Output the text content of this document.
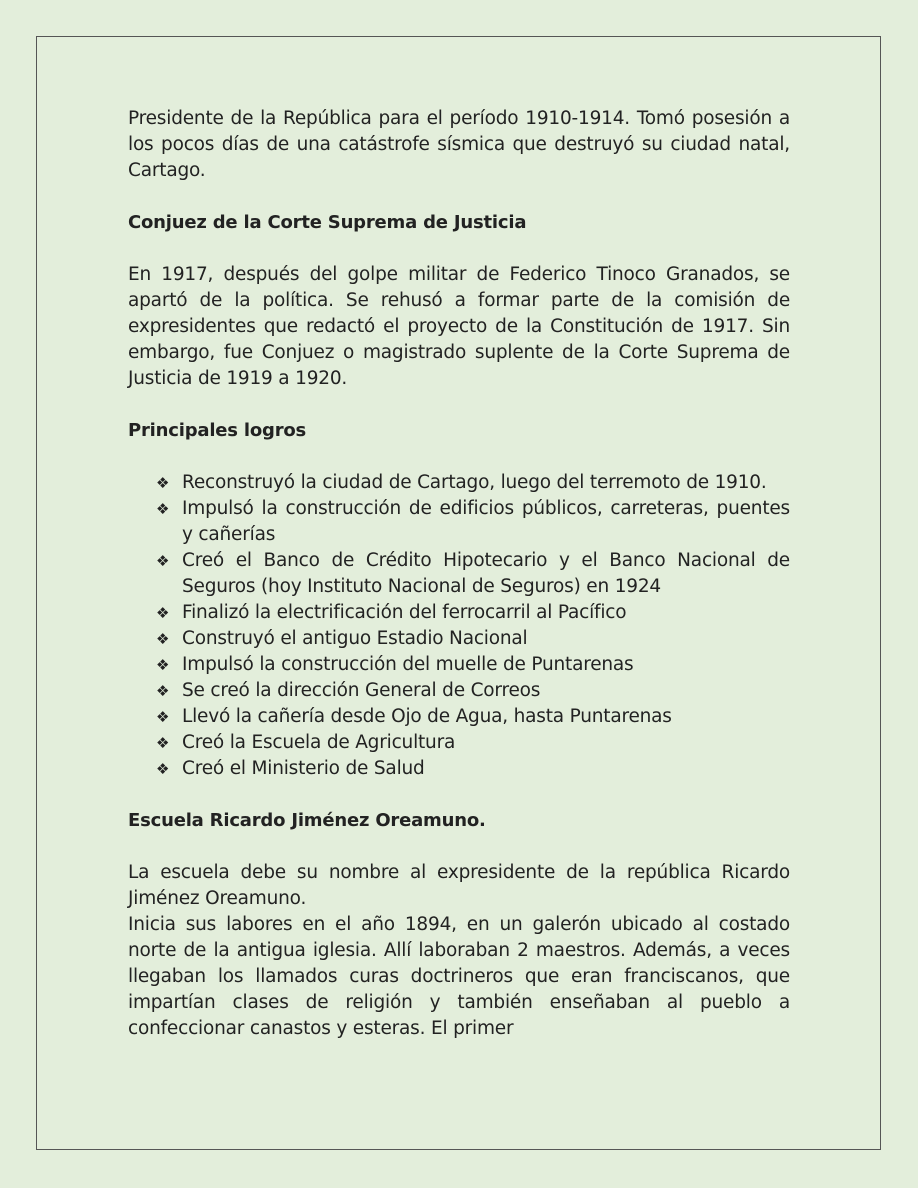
Presidente de la República para el período 1910-1914. Tomó posesión a los pocos días de una catástrofe sísmica que destruyó su ciudad natal, Cartago.

Conjuez de la Corte Suprema de Justicia

En 1917, después del golpe militar de Federico Tinoco Granados, se apartó de la política. Se rehusó a formar parte de la comisión de expresidentes que redactó el proyecto de la Constitución de 1917. Sin embargo, fue Conjuez o magistrado suplente de la Corte Suprema de Justicia de 1919 a 1920.

Principales logros
❖ Reconstruyó la ciudad de Cartago, luego del terremoto de 1910.
❖ Impulsó la construcción de edificios públicos, carreteras, puentes y cañerías
❖ Creó el Banco de Crédito Hipotecario y el Banco Nacional de Seguros (hoy Instituto Nacional de Seguros) en 1924
❖ Finalizó la electrificación del ferrocarril al Pacífico
❖ Construyó el antiguo Estadio Nacional
❖ Impulsó la construcción del muelle de Puntarenas
❖ Se creó la dirección General de Correos
❖ Llevó la cañería desde Ojo de Agua, hasta Puntarenas
❖ Creó la Escuela de Agricultura
❖ Creó el Ministerio de Salud
Escuela Ricardo Jiménez Oreamuno.

La escuela debe su nombre al expresidente de la república Ricardo Jiménez Oreamuno.

Inicia sus labores en el año 1894, en un galerón ubicado al costado norte de la antigua iglesia. Allí laboraban 2 maestros. Además, a veces llegaban los llamados curas doctrineros que eran franciscanos, que impartían clases de religión y también enseñaban al pueblo a confeccionar canastos y esteras. El primer
